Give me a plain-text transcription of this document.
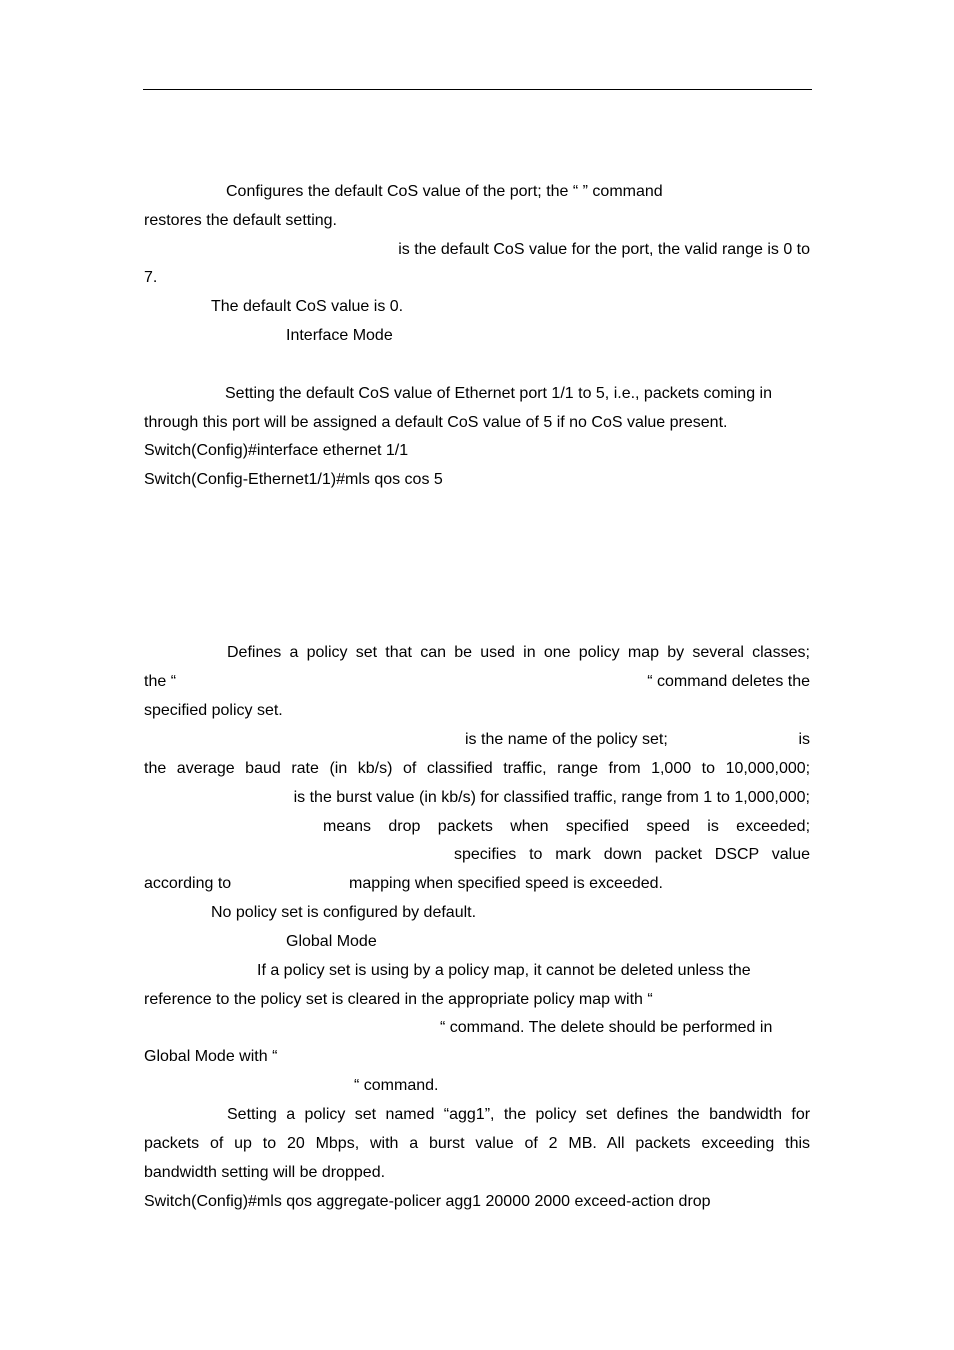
Configures the default CoS value of the port; the “ ” command
restores the default setting.
is the default CoS value for the port, the valid range is 0 to
7.
The default CoS value is 0.
Interface Mode
Setting the default CoS value of Ethernet port 1/1 to 5, i.e., packets coming in
through this port will be assigned a default CoS value of 5 if no CoS value present.
Switch(Config)#interface ethernet 1/1
Switch(Config-Ethernet1/1)#mls qos cos 5
Defines a policy set that can be used in one policy map by several classes;
the “	“ command deletes the
specified policy set.
is the name of the policy set;	is
the average baud rate (in kb/s) of classified traffic, range from 1,000 to 10,000,000;
is the burst value (in kb/s) for classified traffic, range from 1 to 1,000,000;
means drop packets when specified speed is exceeded;
specifies to mark down packet DSCP value
according to	mapping when specified speed is exceeded.
No policy set is configured by default.
Global Mode
If a policy set is using by a policy map, it cannot be deleted unless the
reference to the policy set is cleared in the appropriate policy map with “
“ command. The delete should be performed in
Global Mode with “
“ command.
Setting a policy set named “agg1”, the policy set defines the bandwidth for
packets of up to 20 Mbps, with a burst value of 2 MB. All packets exceeding this
bandwidth setting will be dropped.
Switch(Config)#mls qos aggregate-policer agg1 20000 2000 exceed-action drop
